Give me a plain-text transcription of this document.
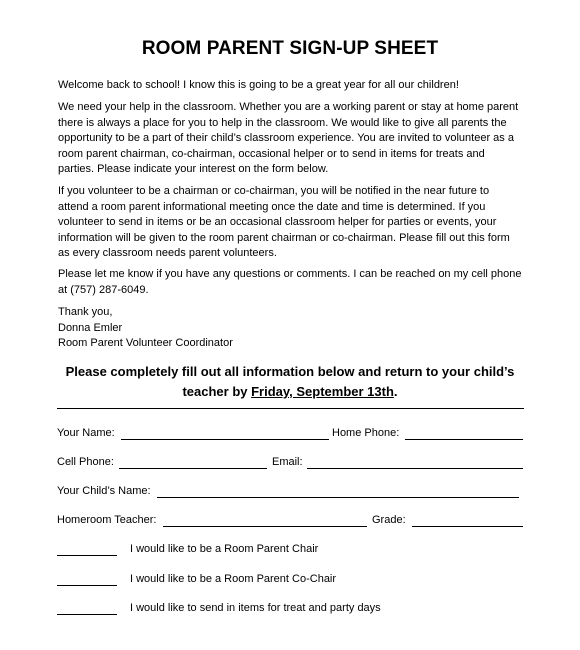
ROOM PARENT SIGN-UP SHEET

Welcome back to school! I know this is going to be a great year for all our children!

We need your help in the classroom. Whether you are a working parent or stay at home parent
there is always a place for you to help in the classroom. We would like to give all parents the
opportunity to be a part of their child’s classroom experience. You are invited to volunteer as a
room parent chairman, co-chairman, occasional helper or to send in items for treats and
parties. Please indicate your interest on the form below.

If you volunteer to be a chairman or co-chairman, you will be notified in the near future to
attend a room parent informational meeting once the date and time is determined. If you
volunteer to send in items or be an occasional classroom helper for parties or events, your
information will be given to the room parent chairman or co-chairman. Please fill out this form
as every classroom needs parent volunteers.

Please let me know if you have any questions or comments. I can be reached on my cell phone
at (757) 287-6049.

Thank you,
Donna Emler
Room Parent Volunteer Coordinator

Please completely fill out all information below and return to your child’s
teacher by Friday, September 13th.
Your Name:	Home Phone:
Cell Phone:	Email:
Your Child’s Name:
Homeroom Teacher:	Grade:
I would like to be a Room Parent Chair
I would like to be a Room Parent Co-Chair
I would like to send in items for treat and party days
